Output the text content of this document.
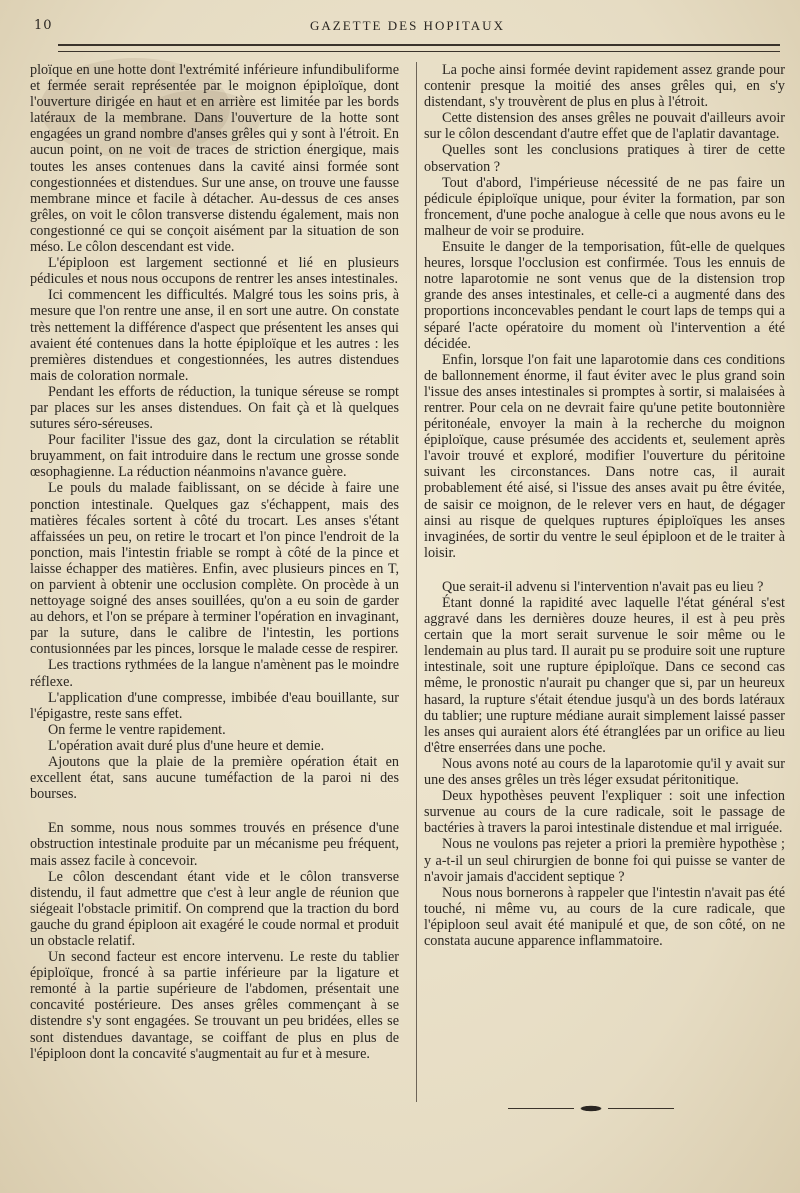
10	GAZETTE DES HOPITAUX

ploïque en une hotte dont l'extrémité inférieure infundibuliforme et fermée serait représentée par le moignon épiploïque, dont l'ouverture dirigée en haut et en arrière est limitée par les bords latéraux de la membrane. Dans l'ouverture de la hotte sont engagées un grand nombre d'anses grêles qui y sont à l'étroit. En aucun point, on ne voit de traces de striction énergique, mais toutes les anses contenues dans la cavité ainsi formée sont congestionnées et distendues. Sur une anse, on trouve une fausse membrane mince et facile à détacher. Au-dessus de ces anses grêles, on voit le côlon transverse distendu également, mais non congestionné ce qui se conçoit aisément par la situation de son méso. Le côlon descendant est vide.

L'épiploon est largement sectionné et lié en plusieurs pédicules et nous nous occupons de rentrer les anses intestinales.

Ici commencent les difficultés. Malgré tous les soins pris, à mesure que l'on rentre une anse, il en sort une autre. On constate très nettement la différence d'aspect que présentent les anses qui avaient été contenues dans la hotte épiploïque et les autres : les premières distendues et congestionnées, les autres distendues mais de coloration normale.

Pendant les efforts de réduction, la tunique séreuse se rompt par places sur les anses distendues. On fait çà et là quelques sutures séro-séreuses.

Pour faciliter l'issue des gaz, dont la circulation se rétablit bruyamment, on fait introduire dans le rectum une grosse sonde œsophagienne. La réduction néanmoins n'avance guère.

Le pouls du malade faiblissant, on se décide à faire une ponction intestinale. Quelques gaz s'échappent, mais des matières fécales sortent à côté du trocart. Les anses s'étant affaissées un peu, on retire le trocart et l'on pince l'endroit de la ponction, mais l'intestin friable se rompt à côté de la pince et laisse échapper des matières. Enfin, avec plusieurs pinces en T, on parvient à obtenir une occlusion complète. On procède à un nettoyage soigné des anses souillées, qu'on a eu soin de garder au dehors, et l'on se prépare à terminer l'opération en invaginant, par la suture, dans le calibre de l'intestin, les portions contusionnées par les pinces, lorsque le malade cesse de respirer.

Les tractions rythmées de la langue n'amènent pas le moindre réflexe.

L'application d'une compresse, imbibée d'eau bouillante, sur l'épigastre, reste sans effet.

On ferme le ventre rapidement.

L'opération avait duré plus d'une heure et demie.

Ajoutons que la plaie de la première opération était en excellent état, sans aucune tuméfaction de la paroi ni des bourses.

En somme, nous nous sommes trouvés en présence d'une obstruction intestinale produite par un mécanisme peu fréquent, mais assez facile à concevoir.

Le côlon descendant étant vide et le côlon transverse distendu, il faut admettre que c'est à leur angle de réunion que siégeait l'obstacle primitif. On comprend que la traction du bord gauche du grand épiploon ait exagéré le coude normal et produit un obstacle relatif.

Un second facteur est encore intervenu. Le reste du tablier épiploïque, froncé à sa partie inférieure par la ligature et remonté à la partie supérieure de l'abdomen, présentait une concavité postérieure. Des anses grêles commençant à se distendre s'y sont engagées. Se trouvant un peu bridées, elles se sont distendues davantage, se coiffant de plus en plus de l'épiploon dont la concavité s'augmentait au fur et à mesure.

La poche ainsi formée devint rapidement assez grande pour contenir presque la moitié des anses grêles qui, en s'y distendant, s'y trouvèrent de plus en plus à l'étroit.

Cette distension des anses grêles ne pouvait d'ailleurs avoir sur le côlon descendant d'autre effet que de l'aplatir davantage.

Quelles sont les conclusions pratiques à tirer de cette observation ?

Tout d'abord, l'impérieuse nécessité de ne pas faire un pédicule épiploïque unique, pour éviter la formation, par son froncement, d'une poche analogue à celle que nous avons eu le malheur de voir se produire.

Ensuite le danger de la temporisation, fût-elle de quelques heures, lorsque l'occlusion est confirmée. Tous les ennuis de notre laparotomie ne sont venus que de la distension trop grande des anses intestinales, et celle-ci a augmenté dans des proportions inconcevables pendant le court laps de temps qui a séparé l'acte opératoire du moment où l'intervention a été décidée.

Enfin, lorsque l'on fait une laparotomie dans ces conditions de ballonnement énorme, il faut éviter avec le plus grand soin l'issue des anses intestinales si promptes à sortir, si malaisées à rentrer. Pour cela on ne devrait faire qu'une petite boutonnière péritonéale, envoyer la main à la recherche du moignon épiploïque, cause présumée des accidents et, seulement après l'avoir trouvé et exploré, modifier l'ouverture du péritoine suivant les circonstances. Dans notre cas, il aurait probablement été aisé, si l'issue des anses avait pu être évitée, de saisir ce moignon, de le relever vers en haut, de dégager ainsi au risque de quelques ruptures épiploïques les anses invaginées, de sortir du ventre le seul épiploon et de le traiter à loisir.

Que serait-il advenu si l'intervention n'avait pas eu lieu ?

Étant donné la rapidité avec laquelle l'état général s'est aggravé dans les dernières douze heures, il est à peu près certain que la mort serait survenue le soir même ou le lendemain au plus tard. Il aurait pu se produire soit une rupture intestinale, soit une rupture épiploïque. Dans ce second cas même, le pronostic n'aurait pu changer que si, par un heureux hasard, la rupture s'était étendue jusqu'à un des bords latéraux du tablier; une rupture médiane aurait simplement laissé passer les anses qui auraient alors été étranglées par un orifice au lieu d'être enserrées dans une poche.

Nous avons noté au cours de la laparotomie qu'il y avait sur une des anses grêles un très léger exsudat péritonitique.

Deux hypothèses peuvent l'expliquer : soit une infection survenue au cours de la cure radicale, soit le passage de bactéries à travers la paroi intestinale distendue et mal irriguée.

Nous ne voulons pas rejeter a priori la première hypothèse ; y a-t-il un seul chirurgien de bonne foi qui puisse se vanter de n'avoir jamais d'accident septique ?

Nous nous bornerons à rappeler que l'intestin n'avait pas été touché, ni même vu, au cours de la cure radicale, que l'épiploon seul avait été manipulé et que, de son côté, on ne constata aucune apparence inflammatoire.
